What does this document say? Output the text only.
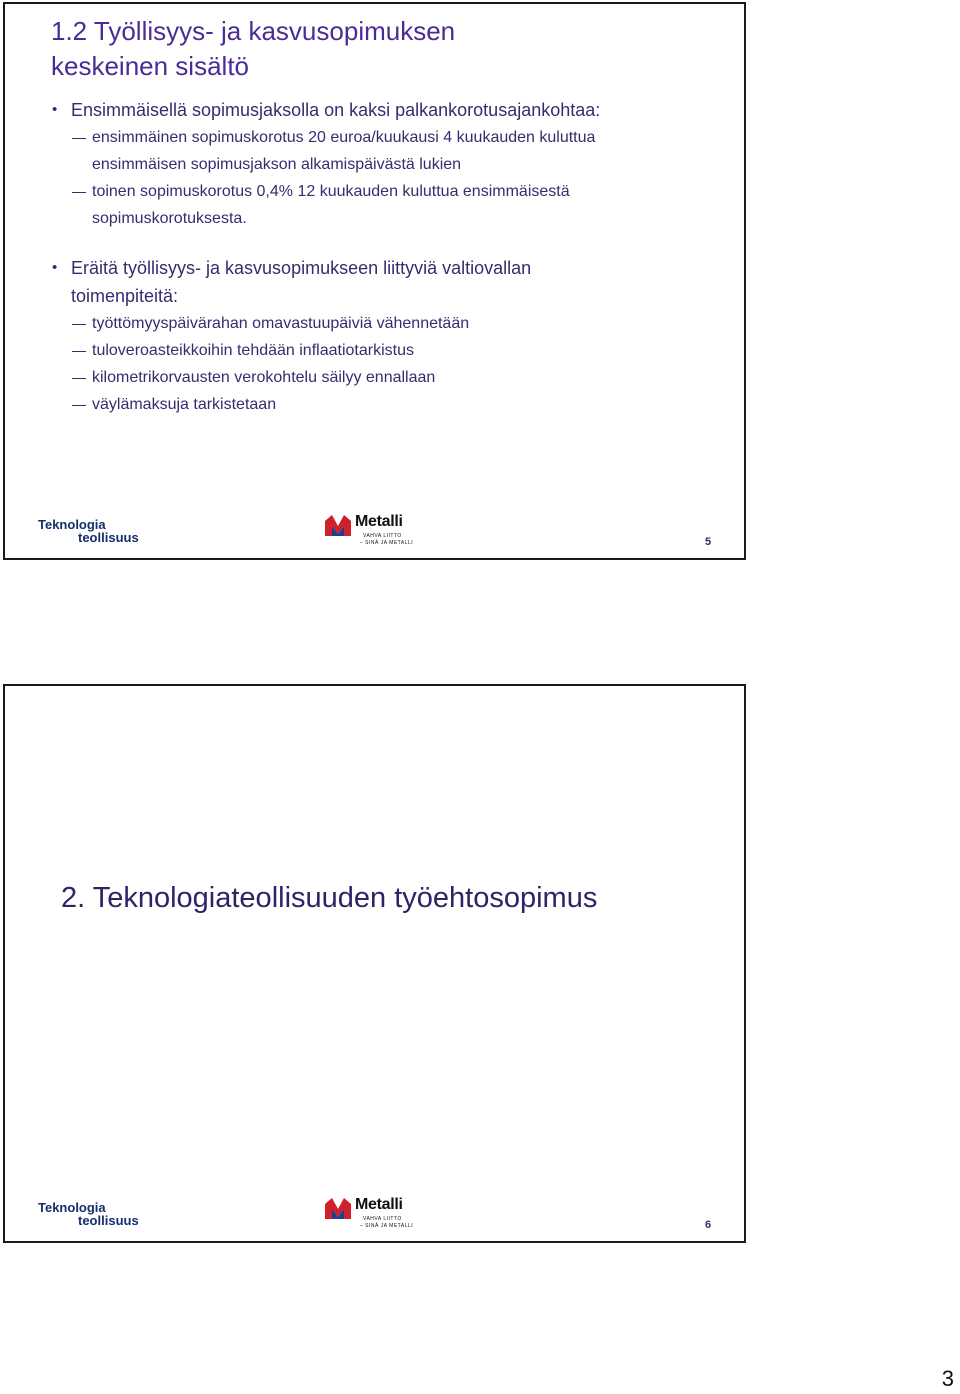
1.2 Työllisyys- ja kasvusopimuksen
keskeinen sisältö
• Ensimmäisellä sopimusjaksolla on kaksi palkankorotusajankohtaa:
ensimmäinen sopimuskorotus 20 euroa/kuukausi 4 kuukauden kuluttua
ensimmäisen sopimusjakson alkamispäivästä lukien
toinen sopimuskorotus 0,4% 12 kuukauden kuluttua ensimmäisestä
sopimuskorotuksesta.
• Eräitä työllisyys- ja kasvusopimukseen liittyviä valtiovallan
toimenpiteitä:
työttömyyspäivärahan omavastuupäiviä vähennetään
tuloveroasteikkoihin tehdään inflaatiotarkistus
kilometrikorvausten verokohtelu säilyy ennallaan
väylämaksuja tarkistetaan
Teknologia
teollisuus
Metalli
VAHVA LIITTO
– SINÄ JA METALLI	5
2. Teknologiateollisuuden työehtosopimus
Teknologia
teollisuus
Metalli
VAHVA LIITTO
– SINÄ JA METALLI	6
3
